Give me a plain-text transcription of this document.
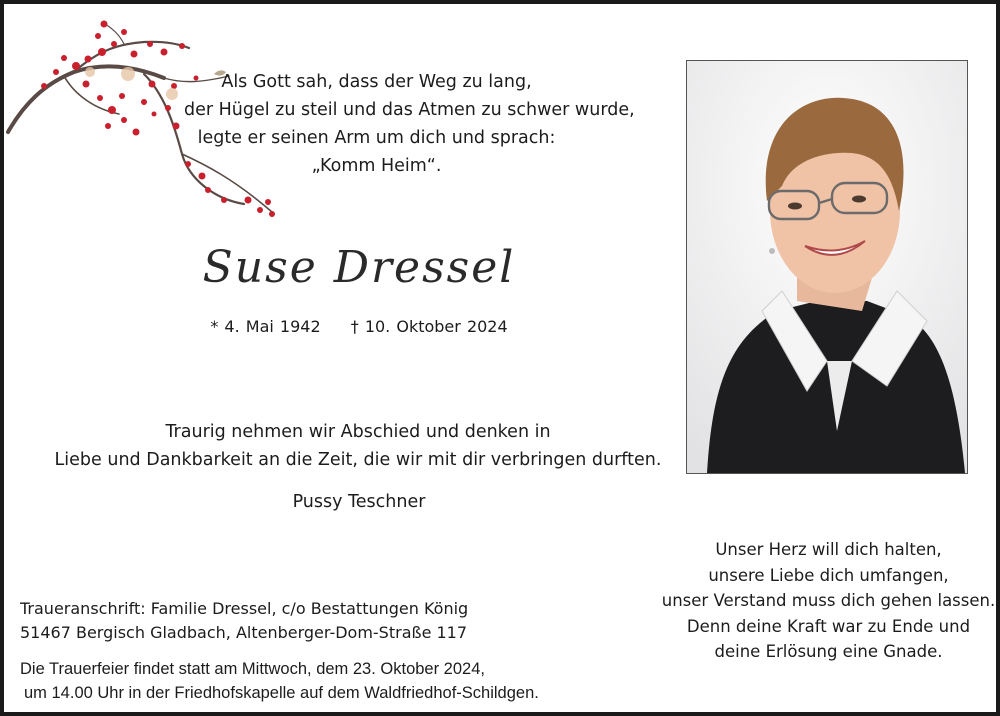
Als Gott sah, dass der Weg zu lang,
der Hügel zu steil und das Atmen zu schwer wurde,
legte er seinen Arm um dich und sprach:
„Komm Heim“.
Suse Dressel
* 4. Mai 1942 † 10. Oktober 2024
Traurig nehmen wir Abschied und denken in
Liebe und Dankbarkeit an die Zeit, die wir mit dir verbringen durften.
Pussy Teschner
Traueranschrift: Familie Dressel, c/o Bestattungen König
51467 Bergisch Gladbach, Altenberger-Dom-Straße 117
Die Trauerfeier findet statt am Mittwoch, dem 23. Oktober 2024,
um 14.00 Uhr in der Friedhofskapelle auf dem Waldfriedhof-Schildgen.
Unser Herz will dich halten,
unsere Liebe dich umfangen,
unser Verstand muss dich gehen lassen.
Denn deine Kraft war zu Ende und
deine Erlösung eine Gnade.
